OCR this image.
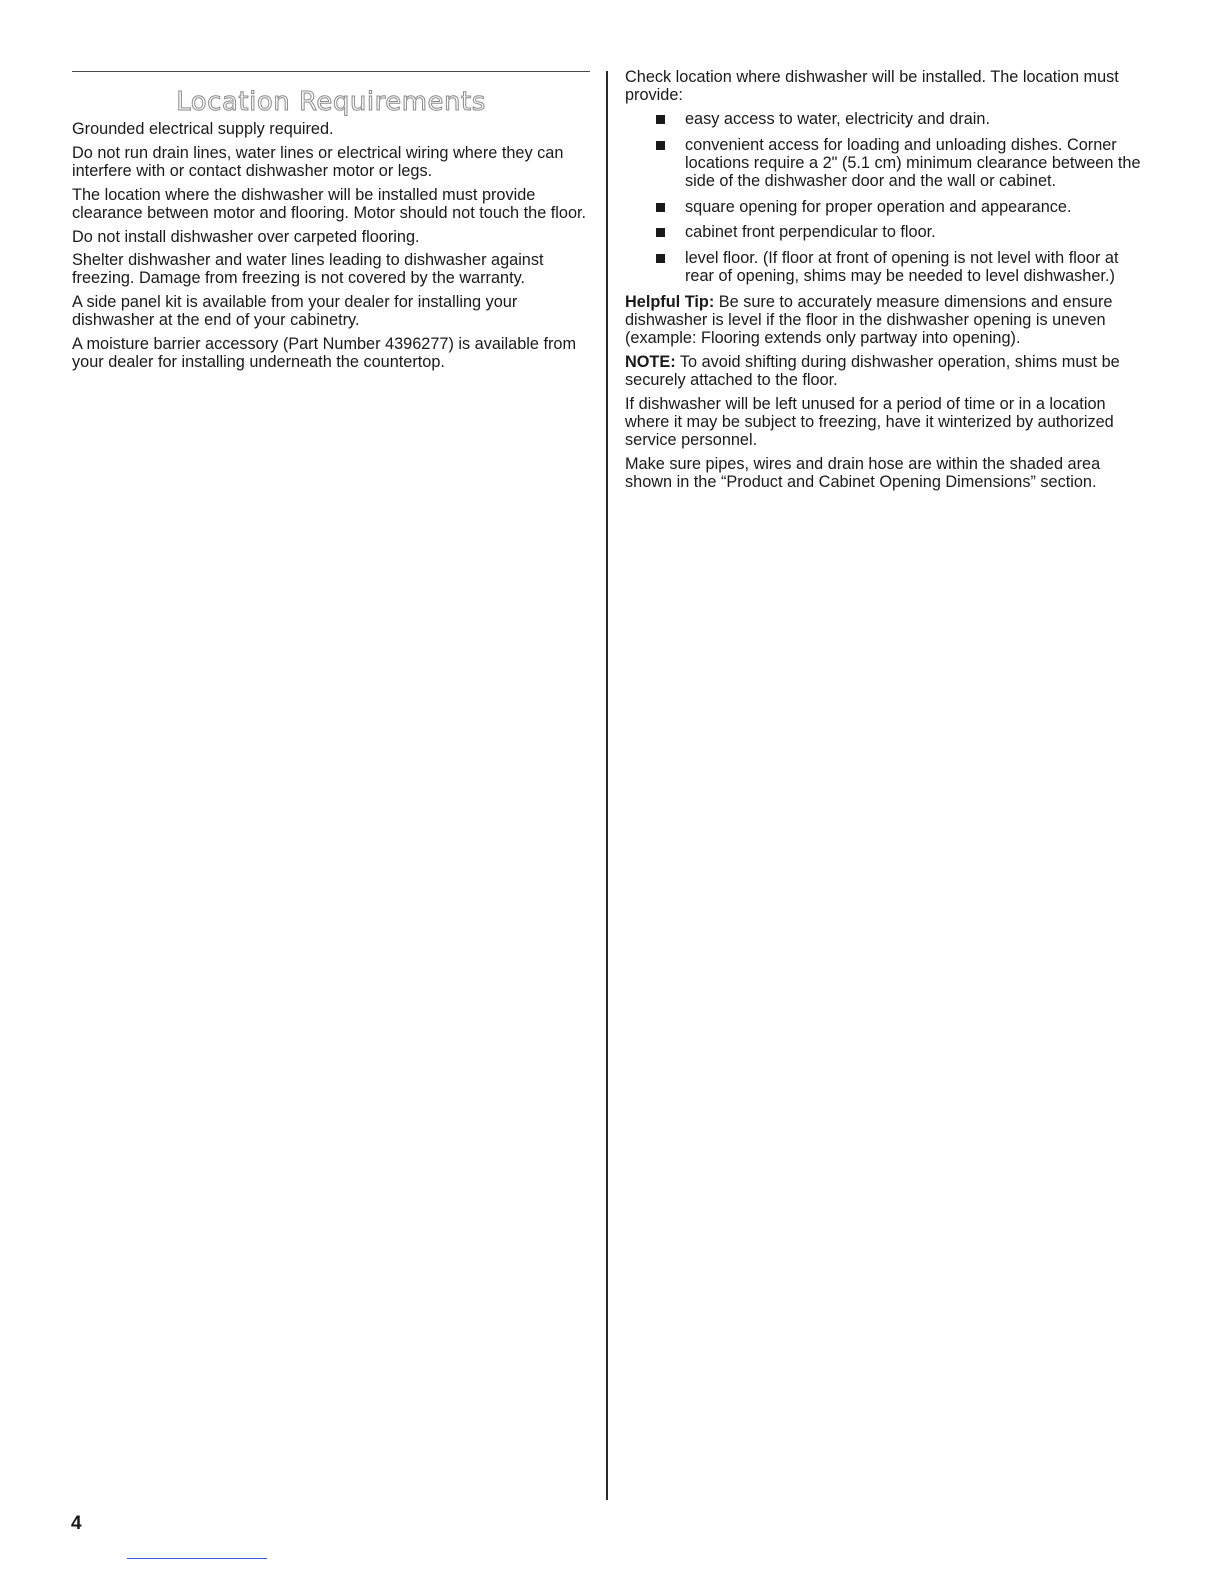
Location Requirements

Grounded electrical supply required.

Do not run drain lines, water lines or electrical wiring where they can interfere with or contact dishwasher motor or legs.

The location where the dishwasher will be installed must provide clearance between motor and flooring. Motor should not touch the floor.

Do not install dishwasher over carpeted flooring.

Shelter dishwasher and water lines leading to dishwasher against freezing. Damage from freezing is not covered by the warranty.

A side panel kit is available from your dealer for installing your dishwasher at the end of your cabinetry.

A moisture barrier accessory (Part Number 4396277) is available from your dealer for installing underneath the countertop.

Check location where dishwasher will be installed. The location must provide:

easy access to water, electricity and drain.
convenient access for loading and unloading dishes. Corner locations require a 2" (5.1 cm) minimum clearance between the side of the dishwasher door and the wall or cabinet.
square opening for proper operation and appearance.
cabinet front perpendicular to floor.
level floor. (If floor at front of opening is not level with floor at rear of opening, shims may be needed to level dishwasher.)

Helpful Tip: Be sure to accurately measure dimensions and ensure dishwasher is level if the floor in the dishwasher opening is uneven (example: Flooring extends only partway into opening).

NOTE: To avoid shifting during dishwasher operation, shims must be securely attached to the floor.

If dishwasher will be left unused for a period of time or in a location where it may be subject to freezing, have it winterized by authorized service personnel.

Make sure pipes, wires and drain hose are within the shaded area shown in the “Product and Cabinet Opening Dimensions” section.

4
